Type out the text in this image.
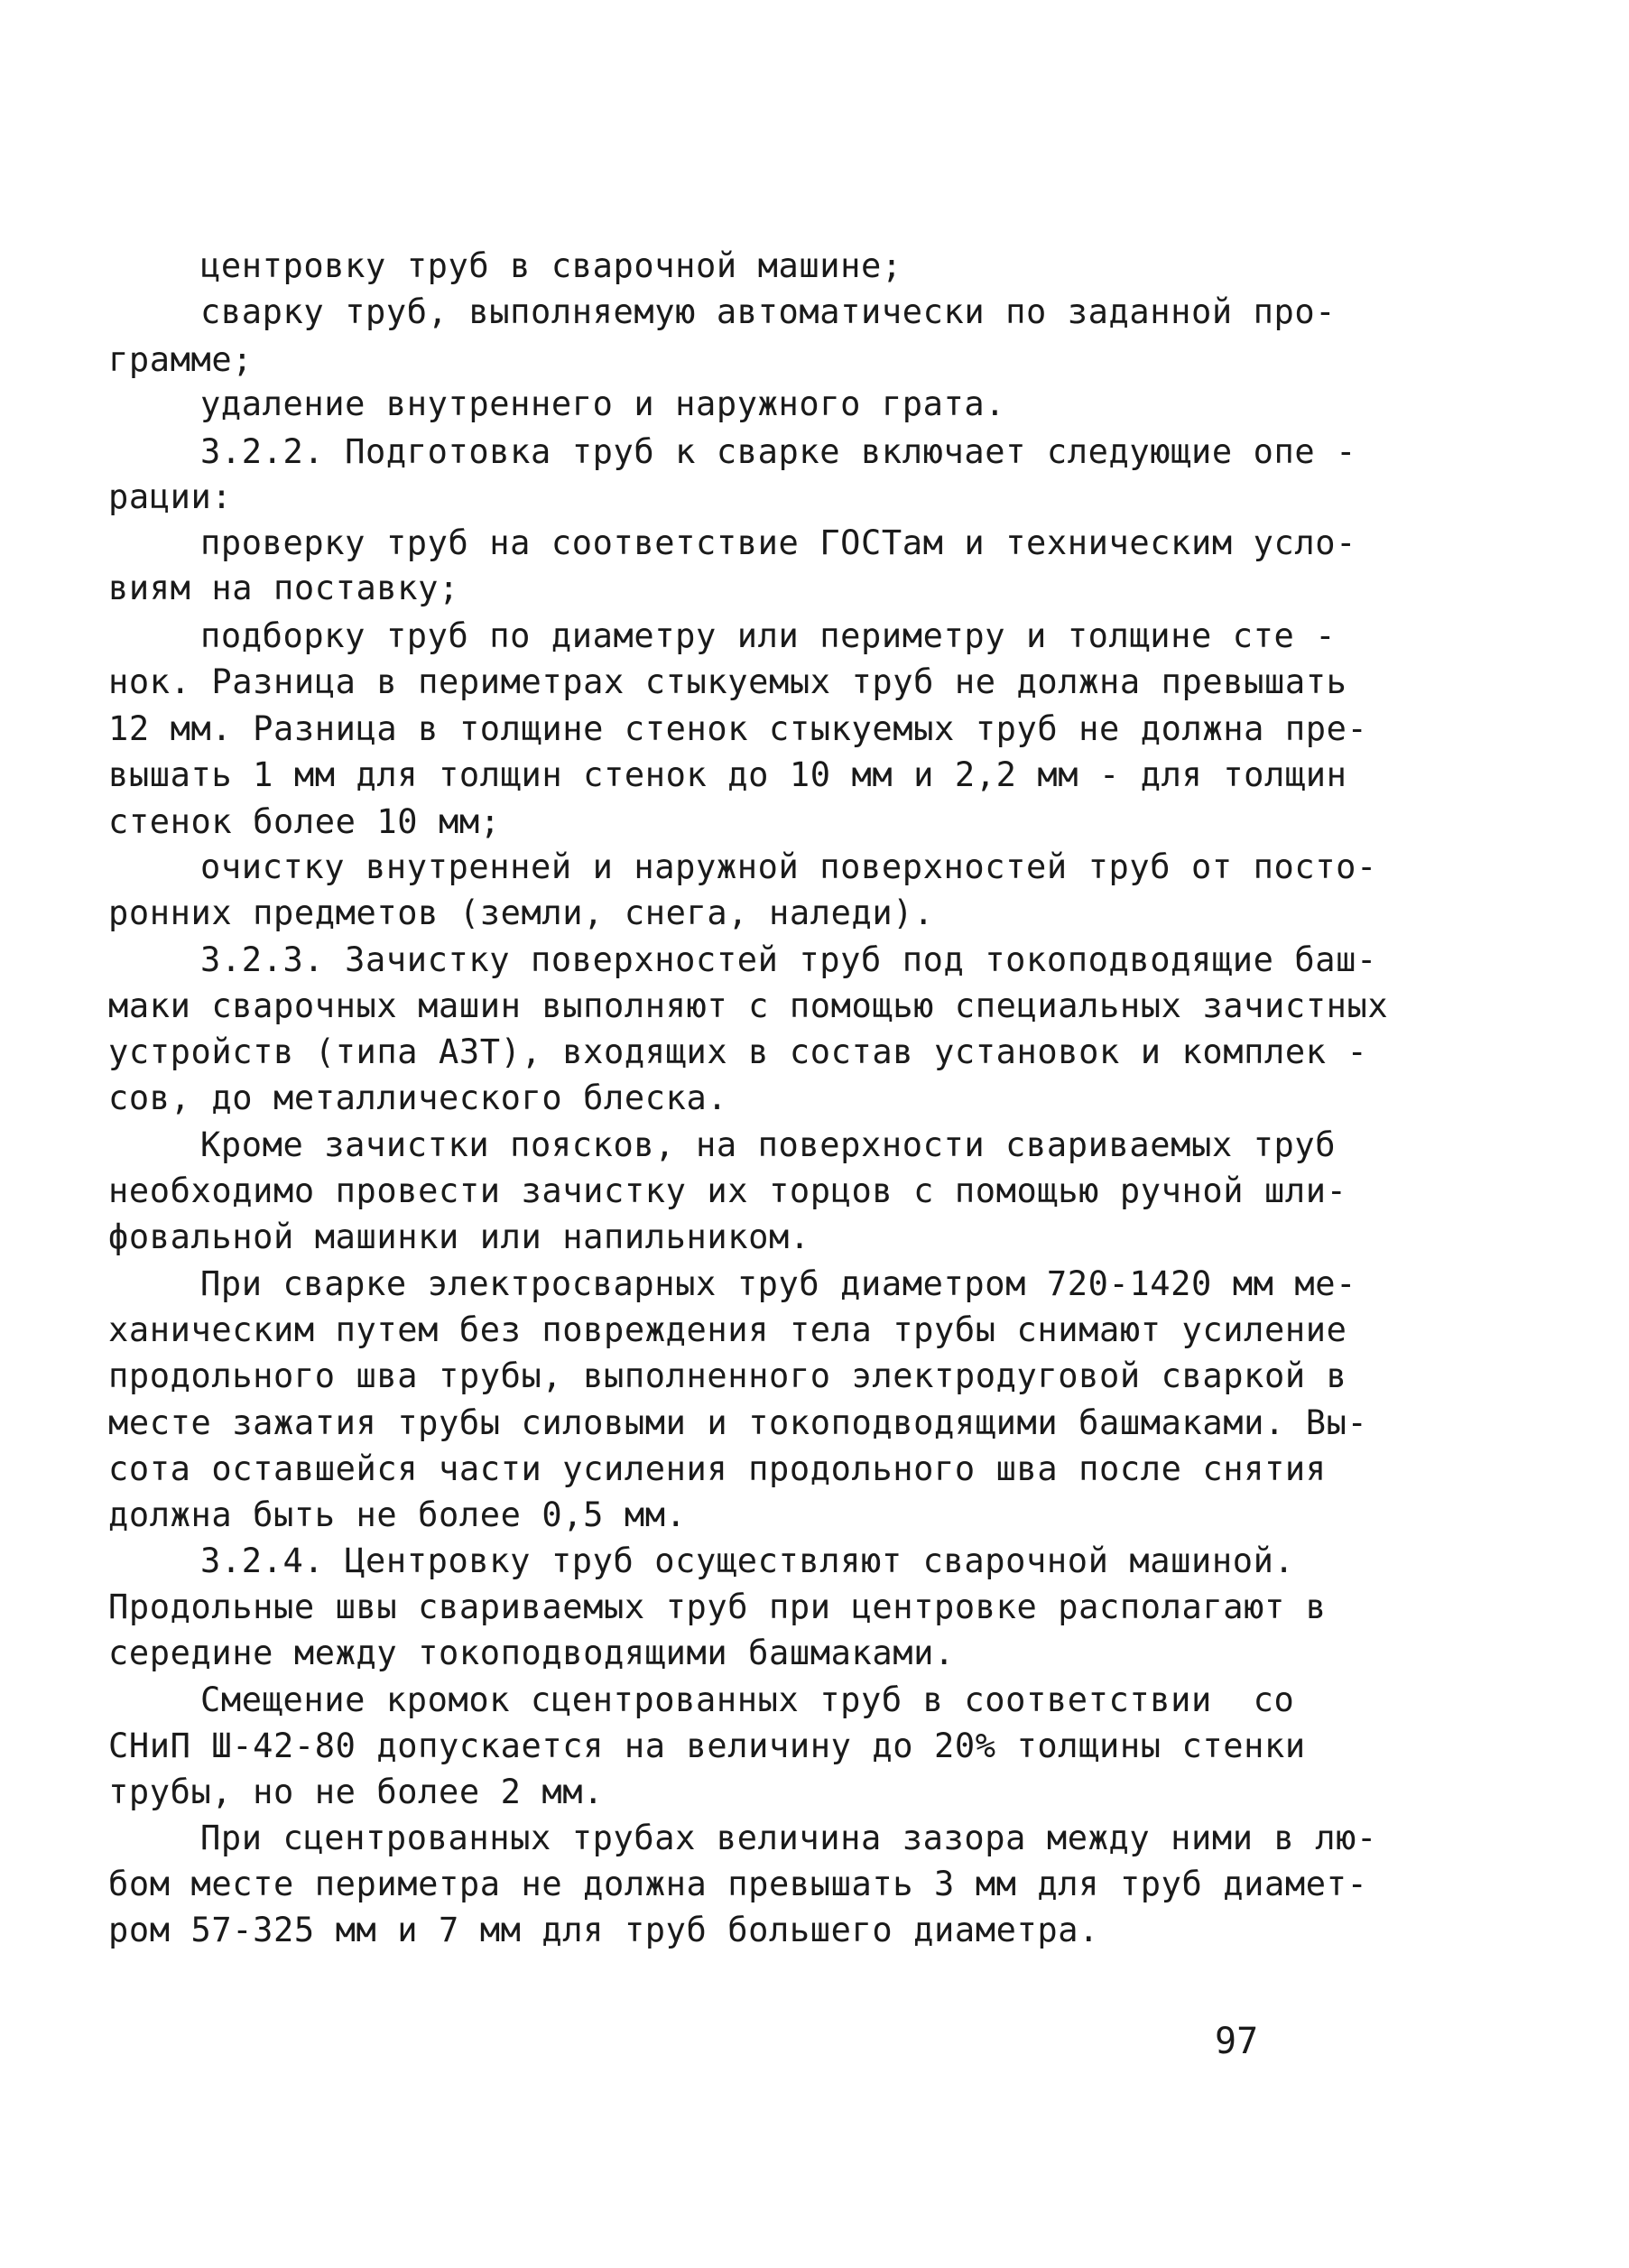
центровку труб в сварочной машине;
сварку труб, выполняемую автоматически по заданной про-
грамме;
удаление внутреннего и наружного грата.
3.2.2. Подготовка труб к сварке включает следующие опе -
рации:
проверку труб на соответствие ГОСТам и техническим усло-
виям на поставку;
подборку труб по диаметру или периметру и толщине сте -
нок. Разница в периметрах стыкуемых труб не должна превышать
12 мм. Разница в толщине стенок стыкуемых труб не должна пре-
вышать 1 мм для толщин стенок до 10 мм и 2,2 мм - для толщин
стенок более 10 мм;
очистку внутренней и наружной поверхностей труб от посто-
ронних предметов (земли, снега, наледи).
3.2.3. Зачистку поверхностей труб под токоподводящие баш-
маки сварочных машин выполняют с помощью специальных зачистных
устройств (типа АЗТ), входящих в состав установок и комплек -
сов, до металлического блеска.
Кроме зачистки поясков, на поверхности свариваемых труб
необходимо провести зачистку их торцов с помощью ручной шли-
фовальной машинки или напильником.
При сварке электросварных труб диаметром 720-1420 мм ме-
ханическим путем без повреждения тела трубы снимают усиление
продольного шва трубы, выполненного электродуговой сваркой в
месте зажатия трубы силовыми и токоподводящими башмаками. Вы-
сота оставшейся части усиления продольного шва после снятия
должна быть не более 0,5 мм.
3.2.4. Центровку труб осуществляют сварочной машиной.
Продольные швы свариваемых труб при центровке располагают в
середине между токоподводящими башмаками.
Смещение кромок сцентрованных труб в соответствии  со
СНиП Ш-42-80 допускается на величину до 20% толщины стенки
трубы, но не более 2 мм.
При сцентрованных трубах величина зазора между ними в лю-
бом месте периметра не должна превышать 3 мм для труб диамет-
ром 57-325 мм и 7 мм для труб большего диаметра.
97
